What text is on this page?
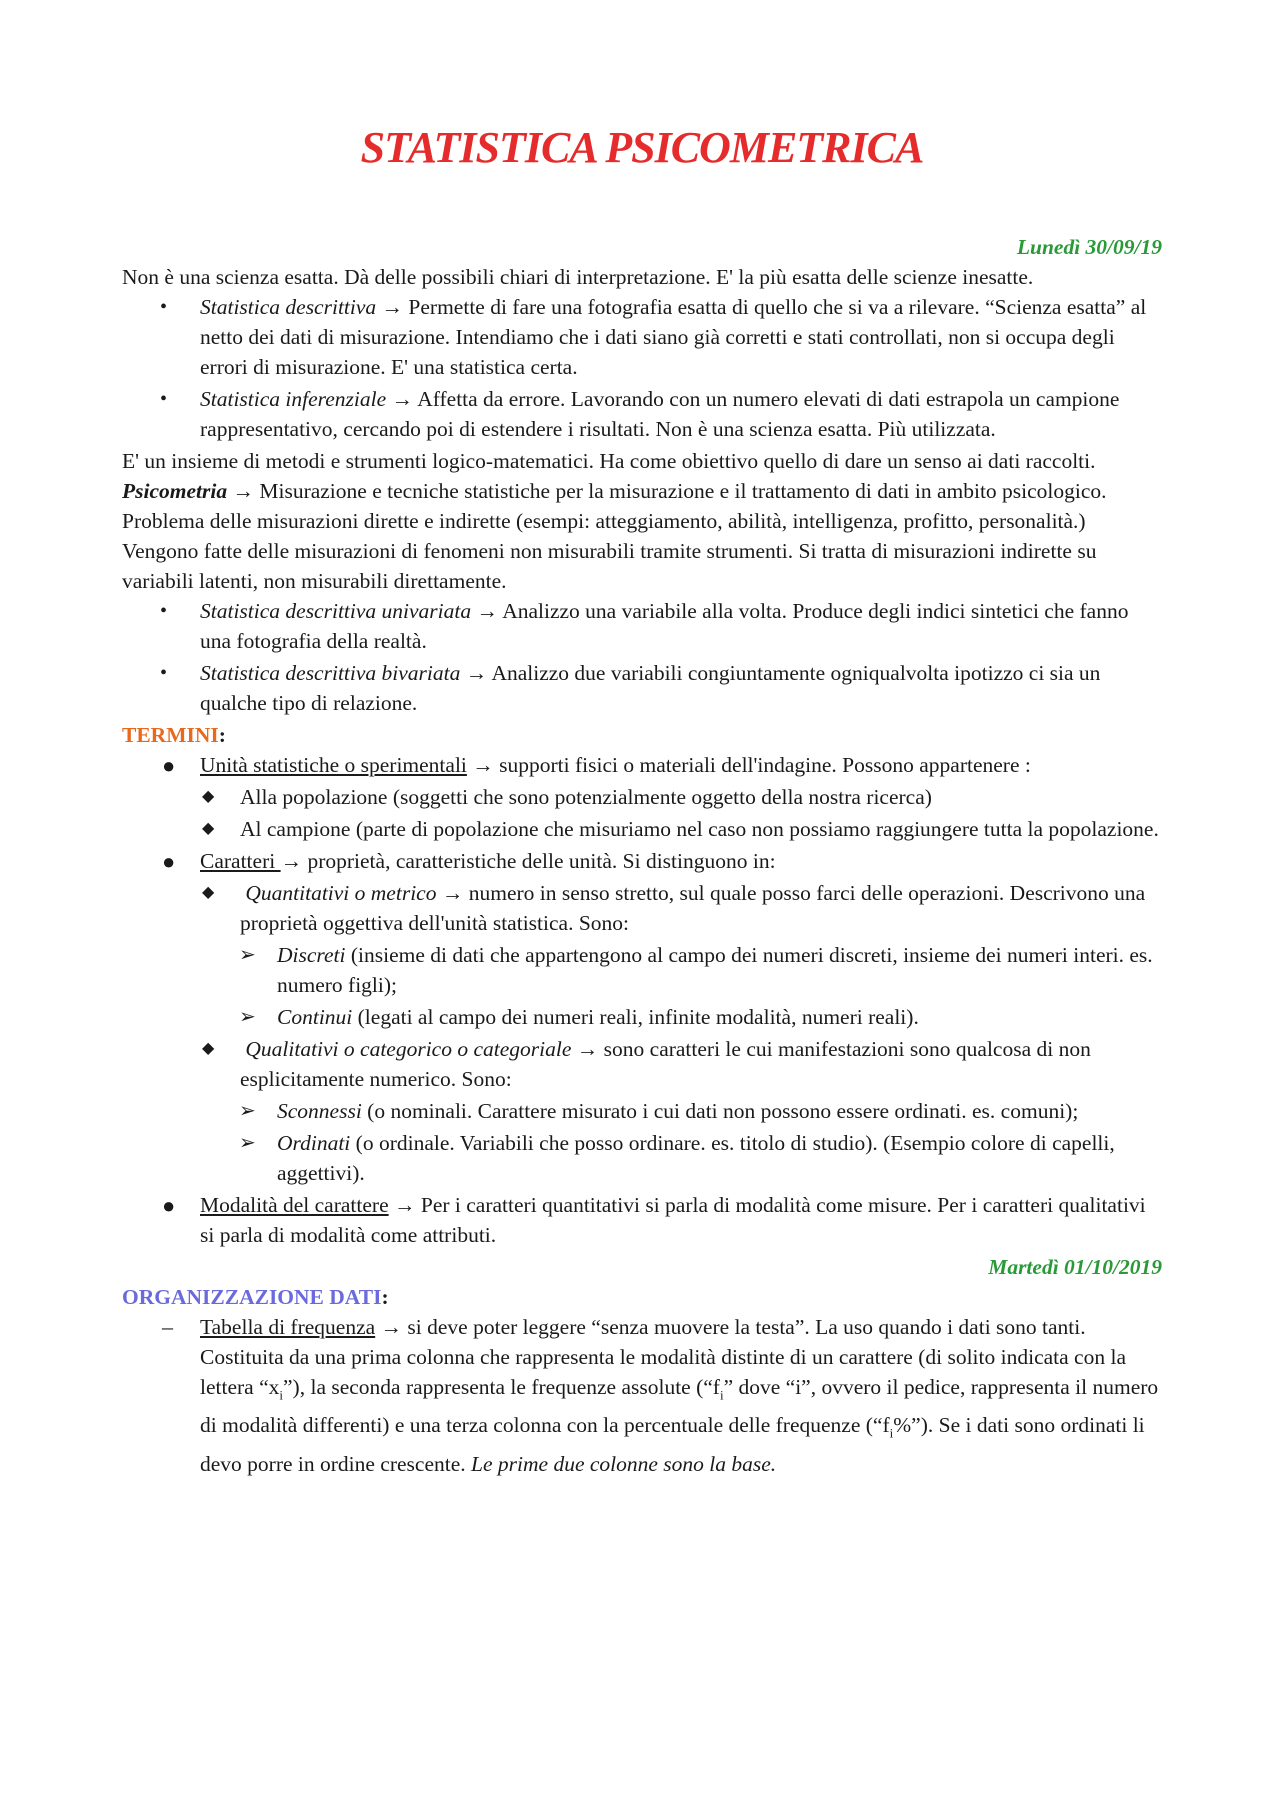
STATISTICA PSICOMETRICA
Lunedì 30/09/19

Non è una scienza esatta. Dà delle possibili chiari di interpretazione. E' la più esatta delle scienze inesatte.

• Statistica descrittiva → Permette di fare una fotografia esatta di quello che si va a rilevare. “Scienza esatta” al netto dei dati di misurazione. Intendiamo che i dati siano già corretti e stati controllati, non si occupa degli errori di misurazione. E' una statistica certa.
• Statistica inferenziale → Affetta da errore. Lavorando con un numero elevati di dati estrapola un campione rappresentativo, cercando poi di estendere i risultati. Non è una scienza esatta. Più utilizzata.

E' un insieme di metodi e strumenti logico-matematici. Ha come obiettivo quello di dare un senso ai dati raccolti.

Psicometria → Misurazione e tecniche statistiche per la misurazione e il trattamento di dati in ambito psicologico. Problema delle misurazioni dirette e indirette (esempi: atteggiamento, abilità, intelligenza, profitto, personalità.) Vengono fatte delle misurazioni di fenomeni non misurabili tramite strumenti. Si tratta di misurazioni indirette su variabili latenti, non misurabili direttamente.

• Statistica descrittiva univariata → Analizzo una variabile alla volta. Produce degli indici sintetici che fanno una fotografia della realtà.
• Statistica descrittiva bivariata → Analizzo due variabili congiuntamente ogniqualvolta ipotizzo ci sia un qualche tipo di relazione.
TERMINI:
● Unità statistiche o sperimentali → supporti fisici o materiali dell'indagine. Possono appartenere :
◆ Alla popolazione (soggetti che sono potenzialmente oggetto della nostra ricerca)
◆ Al campione (parte di popolazione che misuriamo nel caso non possiamo raggiungere tutta la popolazione.
● Caratteri → proprietà, caratteristiche delle unità. Si distinguono in:
◆ Quantitativi o metrico → numero in senso stretto, sul quale posso farci delle operazioni. Descrivono una proprietà oggettiva dell'unità statistica. Sono:
➢ Discreti (insieme di dati che appartengono al campo dei numeri discreti, insieme dei numeri interi. es. numero figli);
➢ Continui (legati al campo dei numeri reali, infinite modalità, numeri reali).
◆ Qualitativi o categorico o categoriale → sono caratteri le cui manifestazioni sono qualcosa di non esplicitamente numerico. Sono:
➢ Sconnessi (o nominali. Carattere misurato i cui dati non possono essere ordinati. es. comuni);
➢ Ordinati (o ordinale. Variabili che posso ordinare. es. titolo di studio). (Esempio colore di capelli, aggettivi).
● Modalità del carattere → Per i caratteri quantitativi si parla di modalità come misure. Per i caratteri qualitativi si parla di modalità come attributi.
Martedì 01/10/2019
ORGANIZZAZIONE DATI:
– Tabella di frequenza → si deve poter leggere “senza muovere la testa”. La uso quando i dati sono tanti. Costituita da una prima colonna che rappresenta le modalità distinte di un carattere (di solito indicata con la lettera “$x_i$”), la seconda rappresenta le frequenze assolute (“$f_i$” dove “i”, ovvero il pedice, rappresenta il numero di modalità differenti) e una terza colonna con la percentuale delle frequenze $(“f_i\%”)$. Se i dati sono ordinati li devo porre in ordine crescente. Le prime due colonne sono la base.
